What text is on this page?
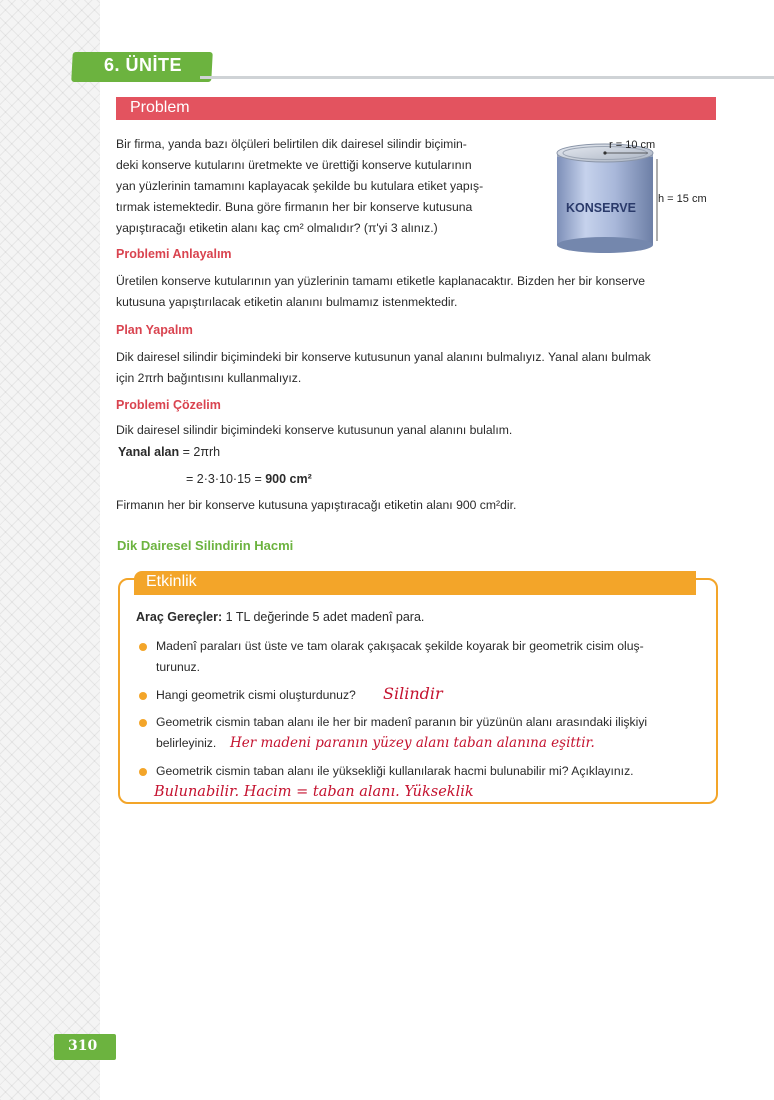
6. ÜNİTE
Problem
Bir firma, yanda bazı ölçüleri belirtilen dik dairesel silindir biçimin-
deki konserve kutularını üretmekte ve ürettiği konserve kutularının
yan yüzlerinin tamamını kaplayacak şekilde bu kutulara etiket yapış-
tırmak istemektedir. Buna göre firmanın her bir konserve kutusuna
yapıştıracağı etiketin alanı kaç cm² olmalıdır? (π'yi 3 alınız.)
r = 10 cm
h = 15 cm
KONSERVE
Problemi Anlayalım
Üretilen konserve kutularının yan yüzlerinin tamamı etiketle kaplanacaktır. Bizden her bir konserve
kutusuna yapıştırılacak etiketin alanını bulmamız istenmektedir.
Plan Yapalım
Dik dairesel silindir biçimindeki bir konserve kutusunun yanal alanını bulmalıyız. Yanal alanı bulmak
için 2πrh bağıntısını kullanmalıyız.
Problemi Çözelim
Dik dairesel silindir biçimindeki konserve kutusunun yanal alanını bulalım.
Yanal alan = 2πrh
= 2·3·10·15 = 900 cm²
Firmanın her bir konserve kutusuna yapıştıracağı etiketin alanı 900 cm²dir.
Dik Dairesel Silindirin Hacmi
Etkinlik
Araç Gereçler: 1 TL değerinde 5 adet madenî para.
Madenî paraları üst üste ve tam olarak çakışacak şekilde koyarak bir geometrik cisim oluş-
turunuz.
Hangi geometrik cismi oluşturdunuz? Silindir
Geometrik cismin taban alanı ile her bir madenî paranın bir yüzünün alanı arasındaki ilişkiyi
belirleyiniz.	Her madeni paranın yüzey alanı taban alanına eşittir.
Geometrik cismin taban alanı ile yüksekliği kullanılarak hacmi bulunabilir mi? Açıklayınız.
Bulunabilir. Hacim = taban alanı. Yükseklik
310
